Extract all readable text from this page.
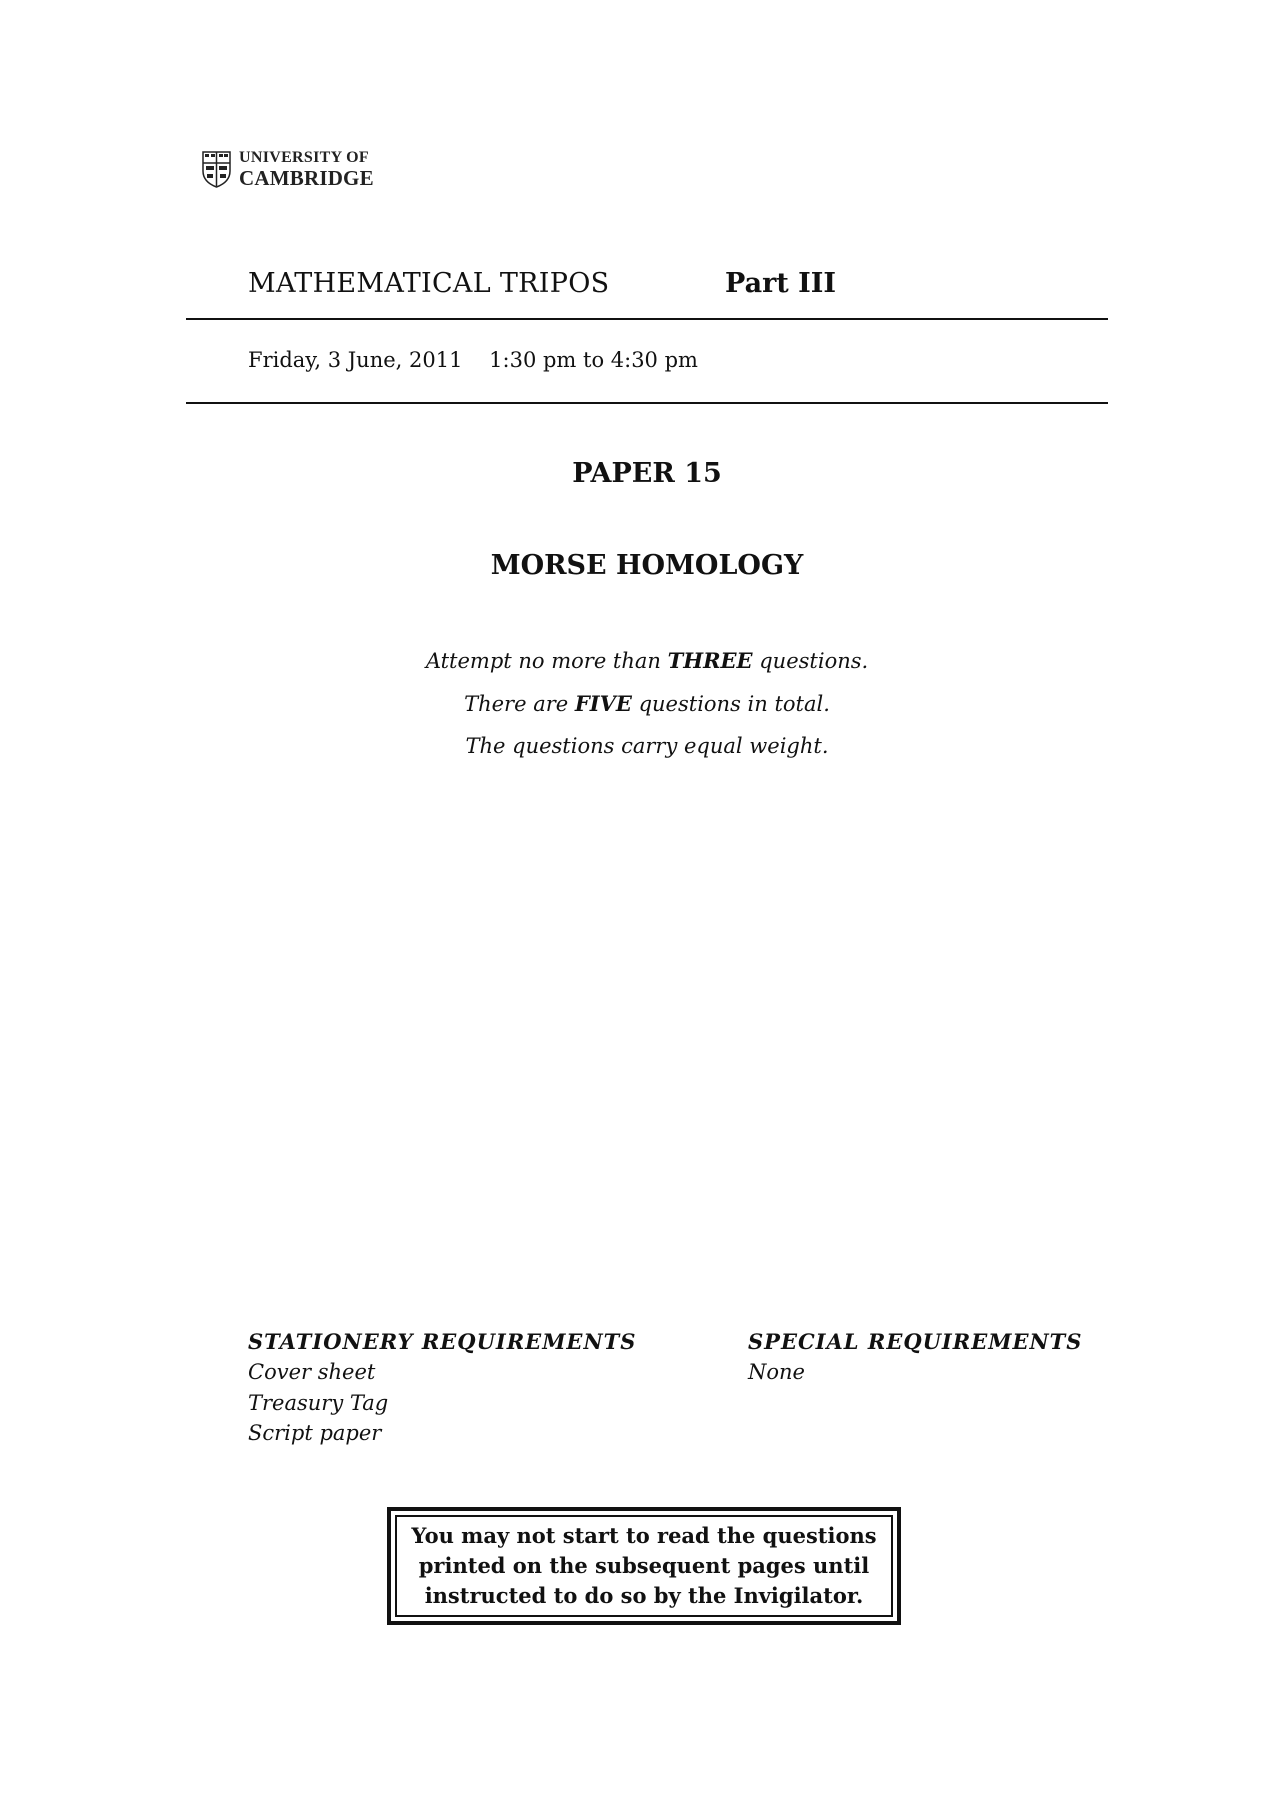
UNIVERSITY OF
CAMBRIDGE
MATHEMATICAL TRIPOS	Part III
Friday, 3 June, 2011    1:30 pm to 4:30 pm
PAPER 15
MORSE HOMOLOGY
Attempt no more than THREE questions.
There are FIVE questions in total.
The questions carry equal weight.
STATIONERY REQUIREMENTS
Cover sheet
Treasury Tag
Script paper
SPECIAL REQUIREMENTS
None
You may not start to read the questions
printed on the subsequent pages until
instructed to do so by the Invigilator.
